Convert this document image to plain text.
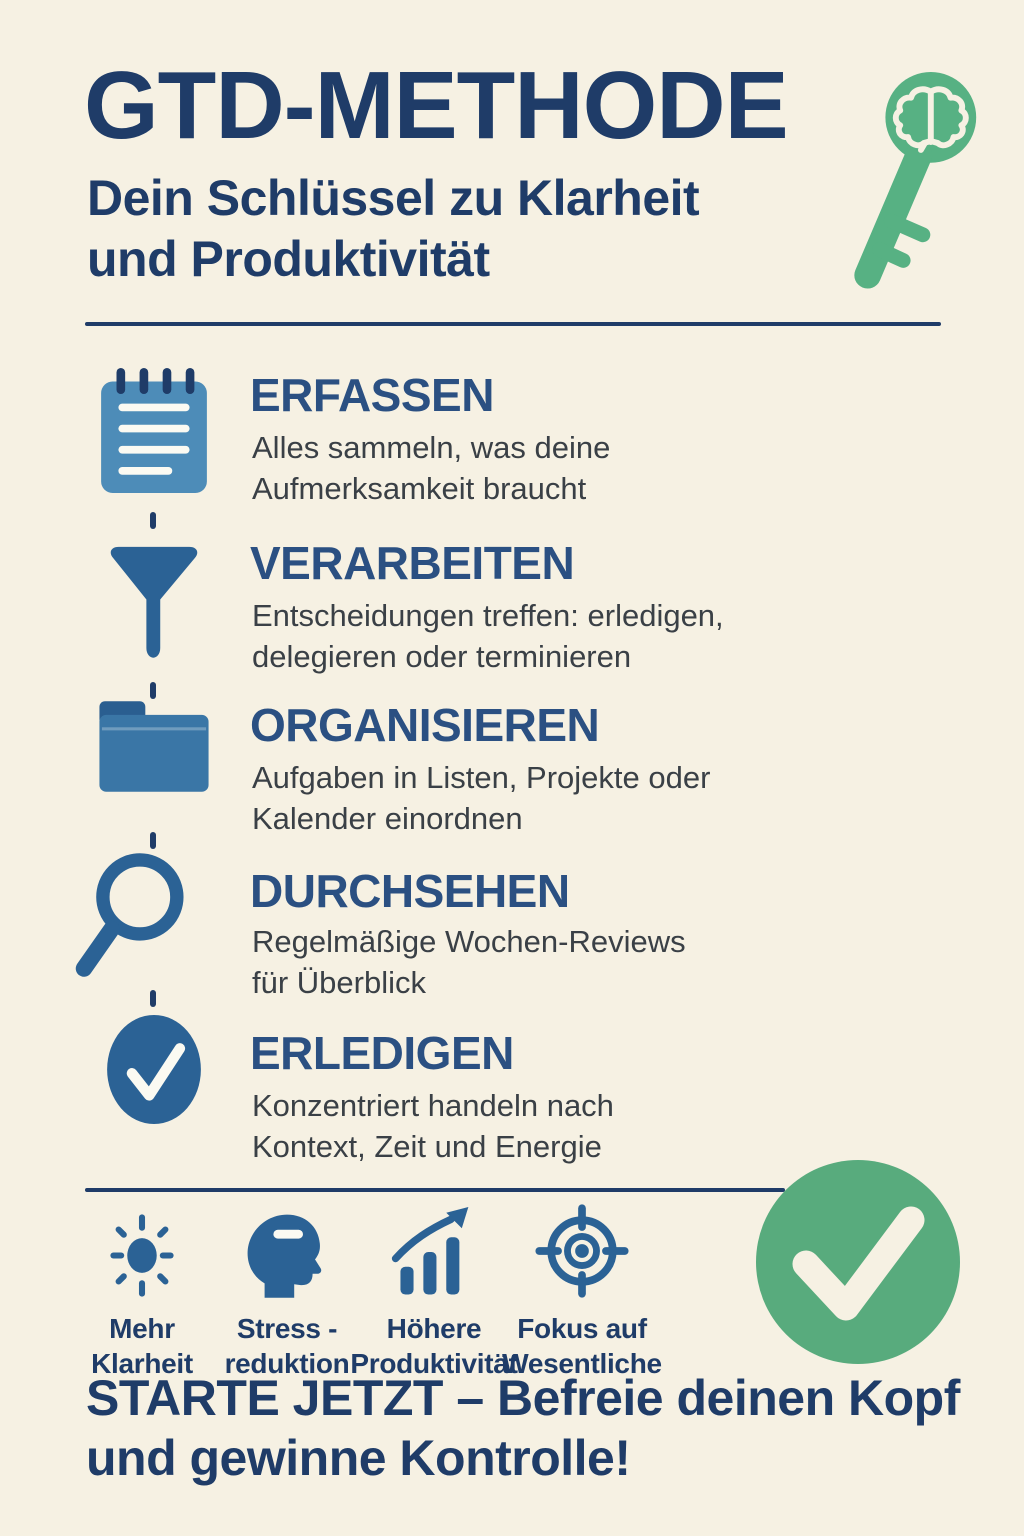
GTD-METHODE
Dein Schlüssel zu Klarheit
und Produktivität
ERFASSEN
Alles sammeln, was deine
Aufmerksamkeit braucht
VERARBEITEN
Entscheidungen treffen: erledigen,
delegieren oder terminieren
ORGANISIEREN
Aufgaben in Listen, Projekte oder
Kalender einordnen
DURCHSEHEN
Regelmäßige Wochen-Reviews
für Überblick
ERLEDIGEN
Konzentriert handeln nach
Kontext, Zeit und Energie
Mehr
Klarheit
Stress -
reduktion
Höhere
Produktivität
Fokus auf
Wesentliche
STARTE JETZT – Befreie deinen Kopf
und gewinne Kontrolle!
